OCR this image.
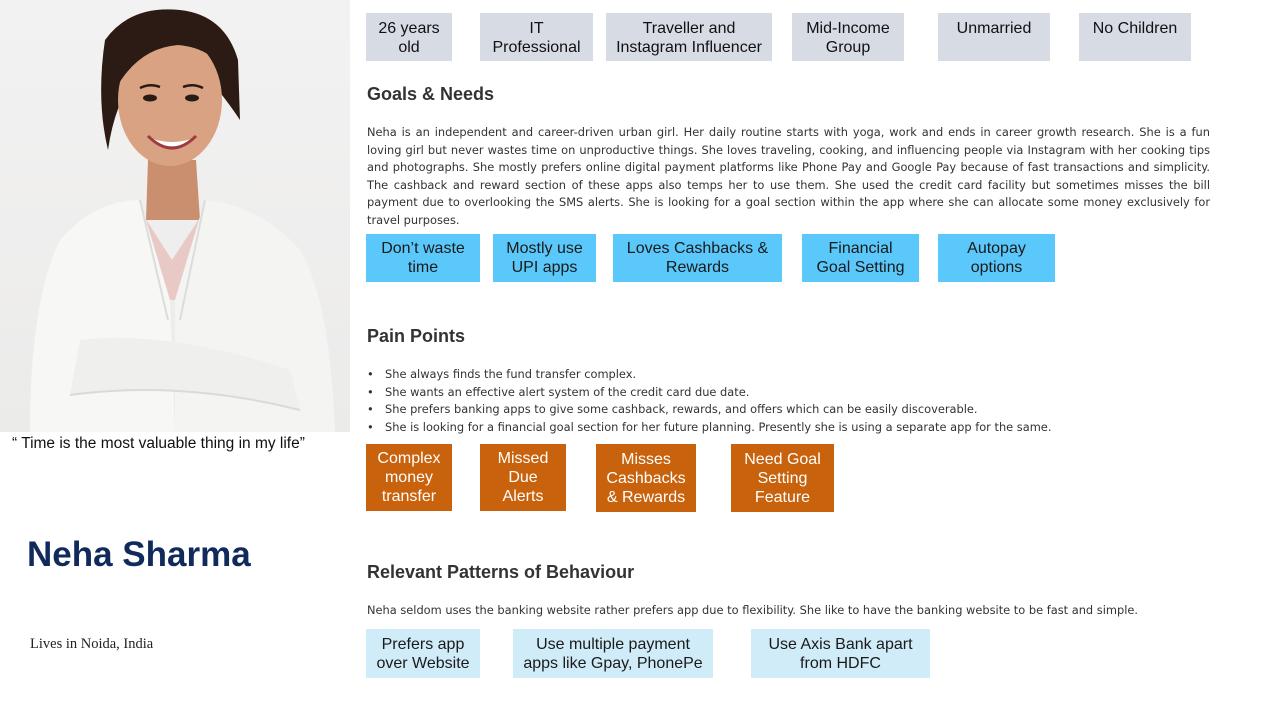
“ Time is the most valuable thing in my life”
Neha Sharma
Lives in Noida, India
26 years
old
IT
Professional
Traveller and
Instagram Influencer
Mid-Income
Group
Unmarried	No Children
Goals & Needs
Neha is an independent and career-driven urban girl. Her daily routine starts with yoga, work and ends in career growth research. She is a fun loving girl but never wastes time on unproductive things. She loves traveling, cooking, and influencing people via Instagram with her cooking tips and photographs. She mostly prefers online digital payment platforms like Phone Pay and Google Pay because of fast transactions and simplicity. The cashback and reward section of these apps also temps her to use them. She used the credit card facility but sometimes misses the bill payment due to overlooking the SMS alerts. She is looking for a goal section within the app where she can allocate some money exclusively for travel purposes.
Don’t waste
time
Mostly use
UPI apps
Loves Cashbacks &
Rewards
Financial
Goal Setting
Autopay
options
Pain Points
• She always finds the fund transfer complex.
• She wants an effective alert system of the credit card due date.
• She prefers banking apps to give some cashback, rewards, and offers which can be easily discoverable.
• She is looking for a financial goal section for her future planning. Presently she is using a separate app for the same.
Complex
money
transfer
Missed
Due
Alerts
Misses
Cashbacks
& Rewards
Need Goal
Setting
Feature
Relevant Patterns of Behaviour
Neha seldom uses the banking website rather prefers app due to flexibility. She like to have the banking website to be fast and simple.
Prefers app
over Website
Use multiple payment
apps like Gpay, PhonePe
Use Axis Bank apart
from HDFC
